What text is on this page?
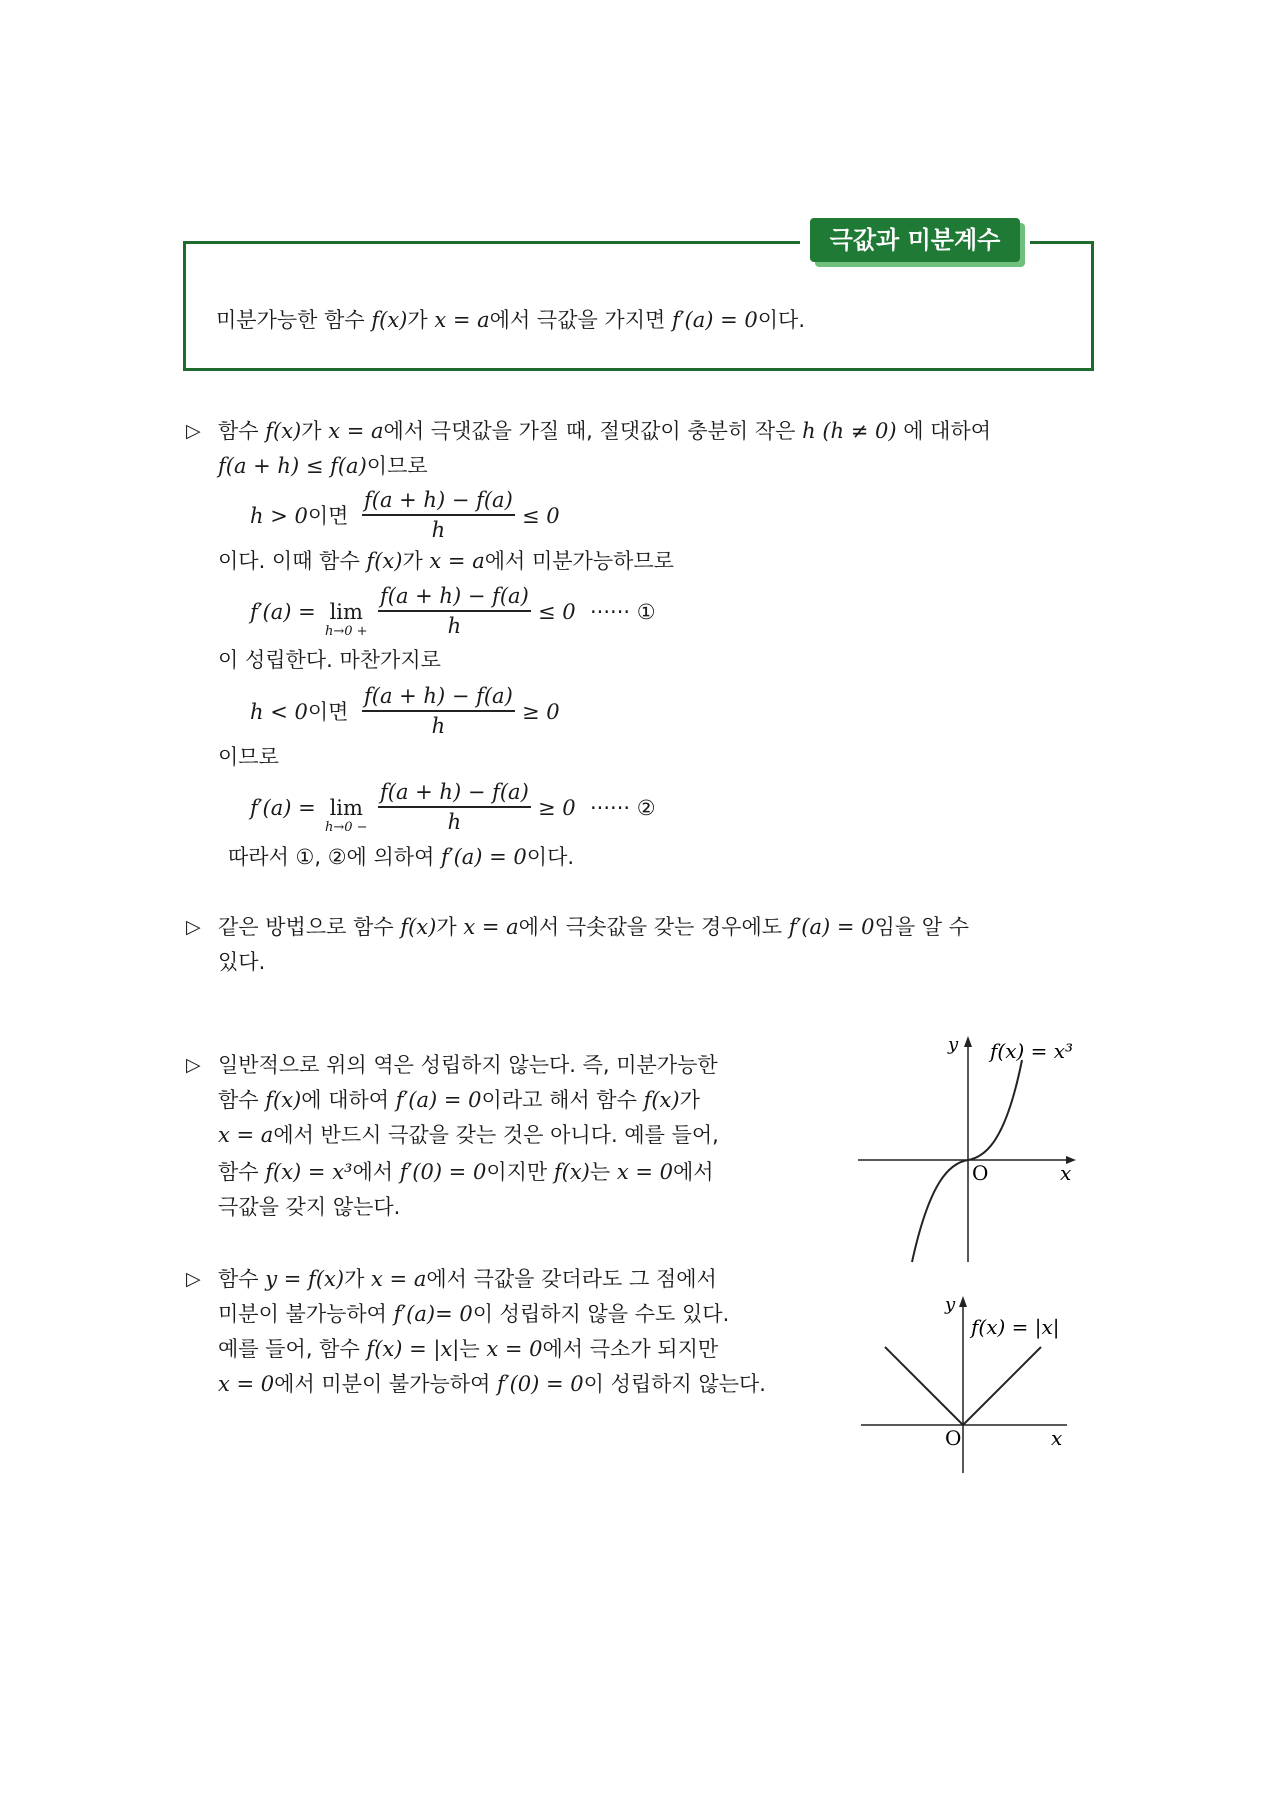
극값과 미분계수
미분가능한 함수 f(x)가 x = a에서 극값을 가지면 f′(a) = 0이다.
▷ 함수 f(x)가 x = a에서 극댓값을 가질 때, 절댓값이 충분히 작은 h (h ≠ 0) 에 대하여
f(a + h) ≤ f(a)이므로
h > 0이면
f(a + h) − f(a)
h
≤ 0
이다. 이때 함수 f(x)가 x = a에서 미분가능하므로
f′(a) = lim
h→0 +
f(a + h) − f(a)
h
≤ 0 ······ ①
이 성립한다. 마찬가지로
h < 0이면
f(a + h) − f(a)
h
≥ 0
이므로
f′(a) = lim
h→0 −
f(a + h) − f(a)
h
≥ 0 ······ ②
따라서 ①, ②에 의하여 f′(a) = 0이다.
▷ 같은 방법으로 함수 f(x)가 x = a에서 극솟값을 갖는 경우에도 f′(a) = 0임을 알 수
있다.
▷ 일반적으로 위의 역은 성립하지 않는다. 즉, 미분가능한
함수 f(x)에 대하여 f′(a) = 0이라고 해서 함수 f(x)가
x = a에서 반드시 극값을 갖는 것은 아니다. 예를 들어,
함수 f(x) = x³에서 f′(0) = 0이지만 f(x)는 x = 0에서
극값을 갖지 않는다.
▷ 함수 y = f(x)가 x = a에서 극값을 갖더라도 그 점에서
미분이 불가능하여 f′(a)= 0이 성립하지 않을 수도 있다.
예를 들어, 함수 f(x) = |x|는 x = 0에서 극소가 되지만
x = 0에서 미분이 불가능하여 f′(0) = 0이 성립하지 않는다.
y
x
O
f(x) = x³
y
x
O
f(x) = |x|
